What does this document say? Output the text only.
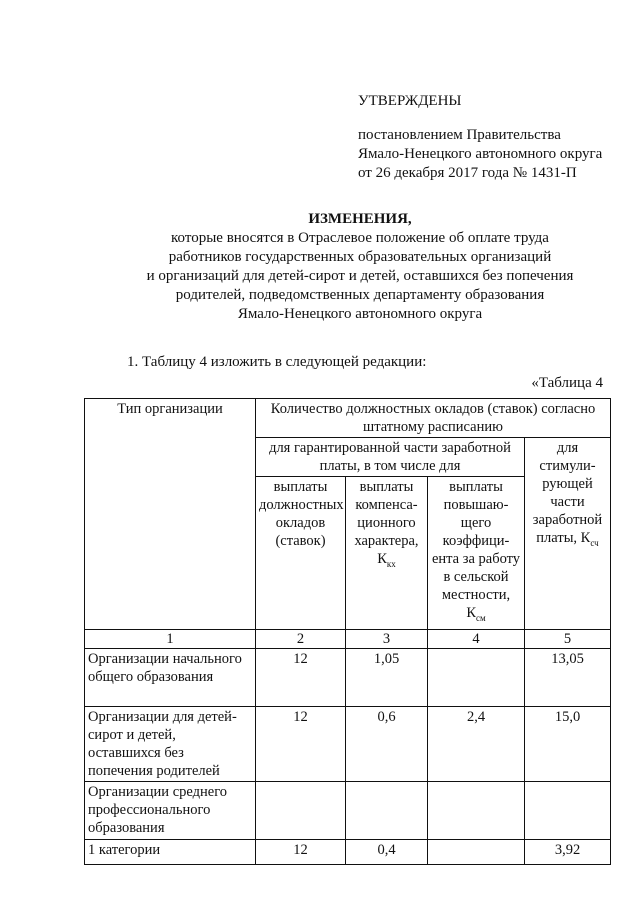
УТВЕРЖДЕНЫ
постановлением Правительства
Ямало-Ненецкого автономного округа
от 26 декабря 2017 года № 1431-П
ИЗМЕНЕНИЯ,
которые вносятся в Отраслевое положение об оплате труда
работников государственных образовательных организаций
и организаций для детей-сирот и детей, оставшихся без попечения
родителей, подведомственных департаменту образования
Ямало-Ненецкого автономного округа
1. Таблицу 4 изложить в следующей редакции:
«Таблица 4
Тип организации	Количество должностных окладов (ставок) согласно штатному расписанию			
	для гарантированной части заработной платы, в том числе для			для стимули-рующей части заработной платы, $К_{сч}$
	выплаты должностных окладов (ставок)	выплаты компенса-ционного характера, $К_{кх}$	выплаты повышаю-щего коэффици-ента за работу в сельской местности, $К_{см}$
1	2	3	4	5
Организации начального общего образования	12	1,05		13,05
Организации для детей-сирот и детей, оставшихся без попечения родителей	12	0,6	2,4	15,0
Организации среднего профессионального образования				
1 категории	12	0,4		3,92
